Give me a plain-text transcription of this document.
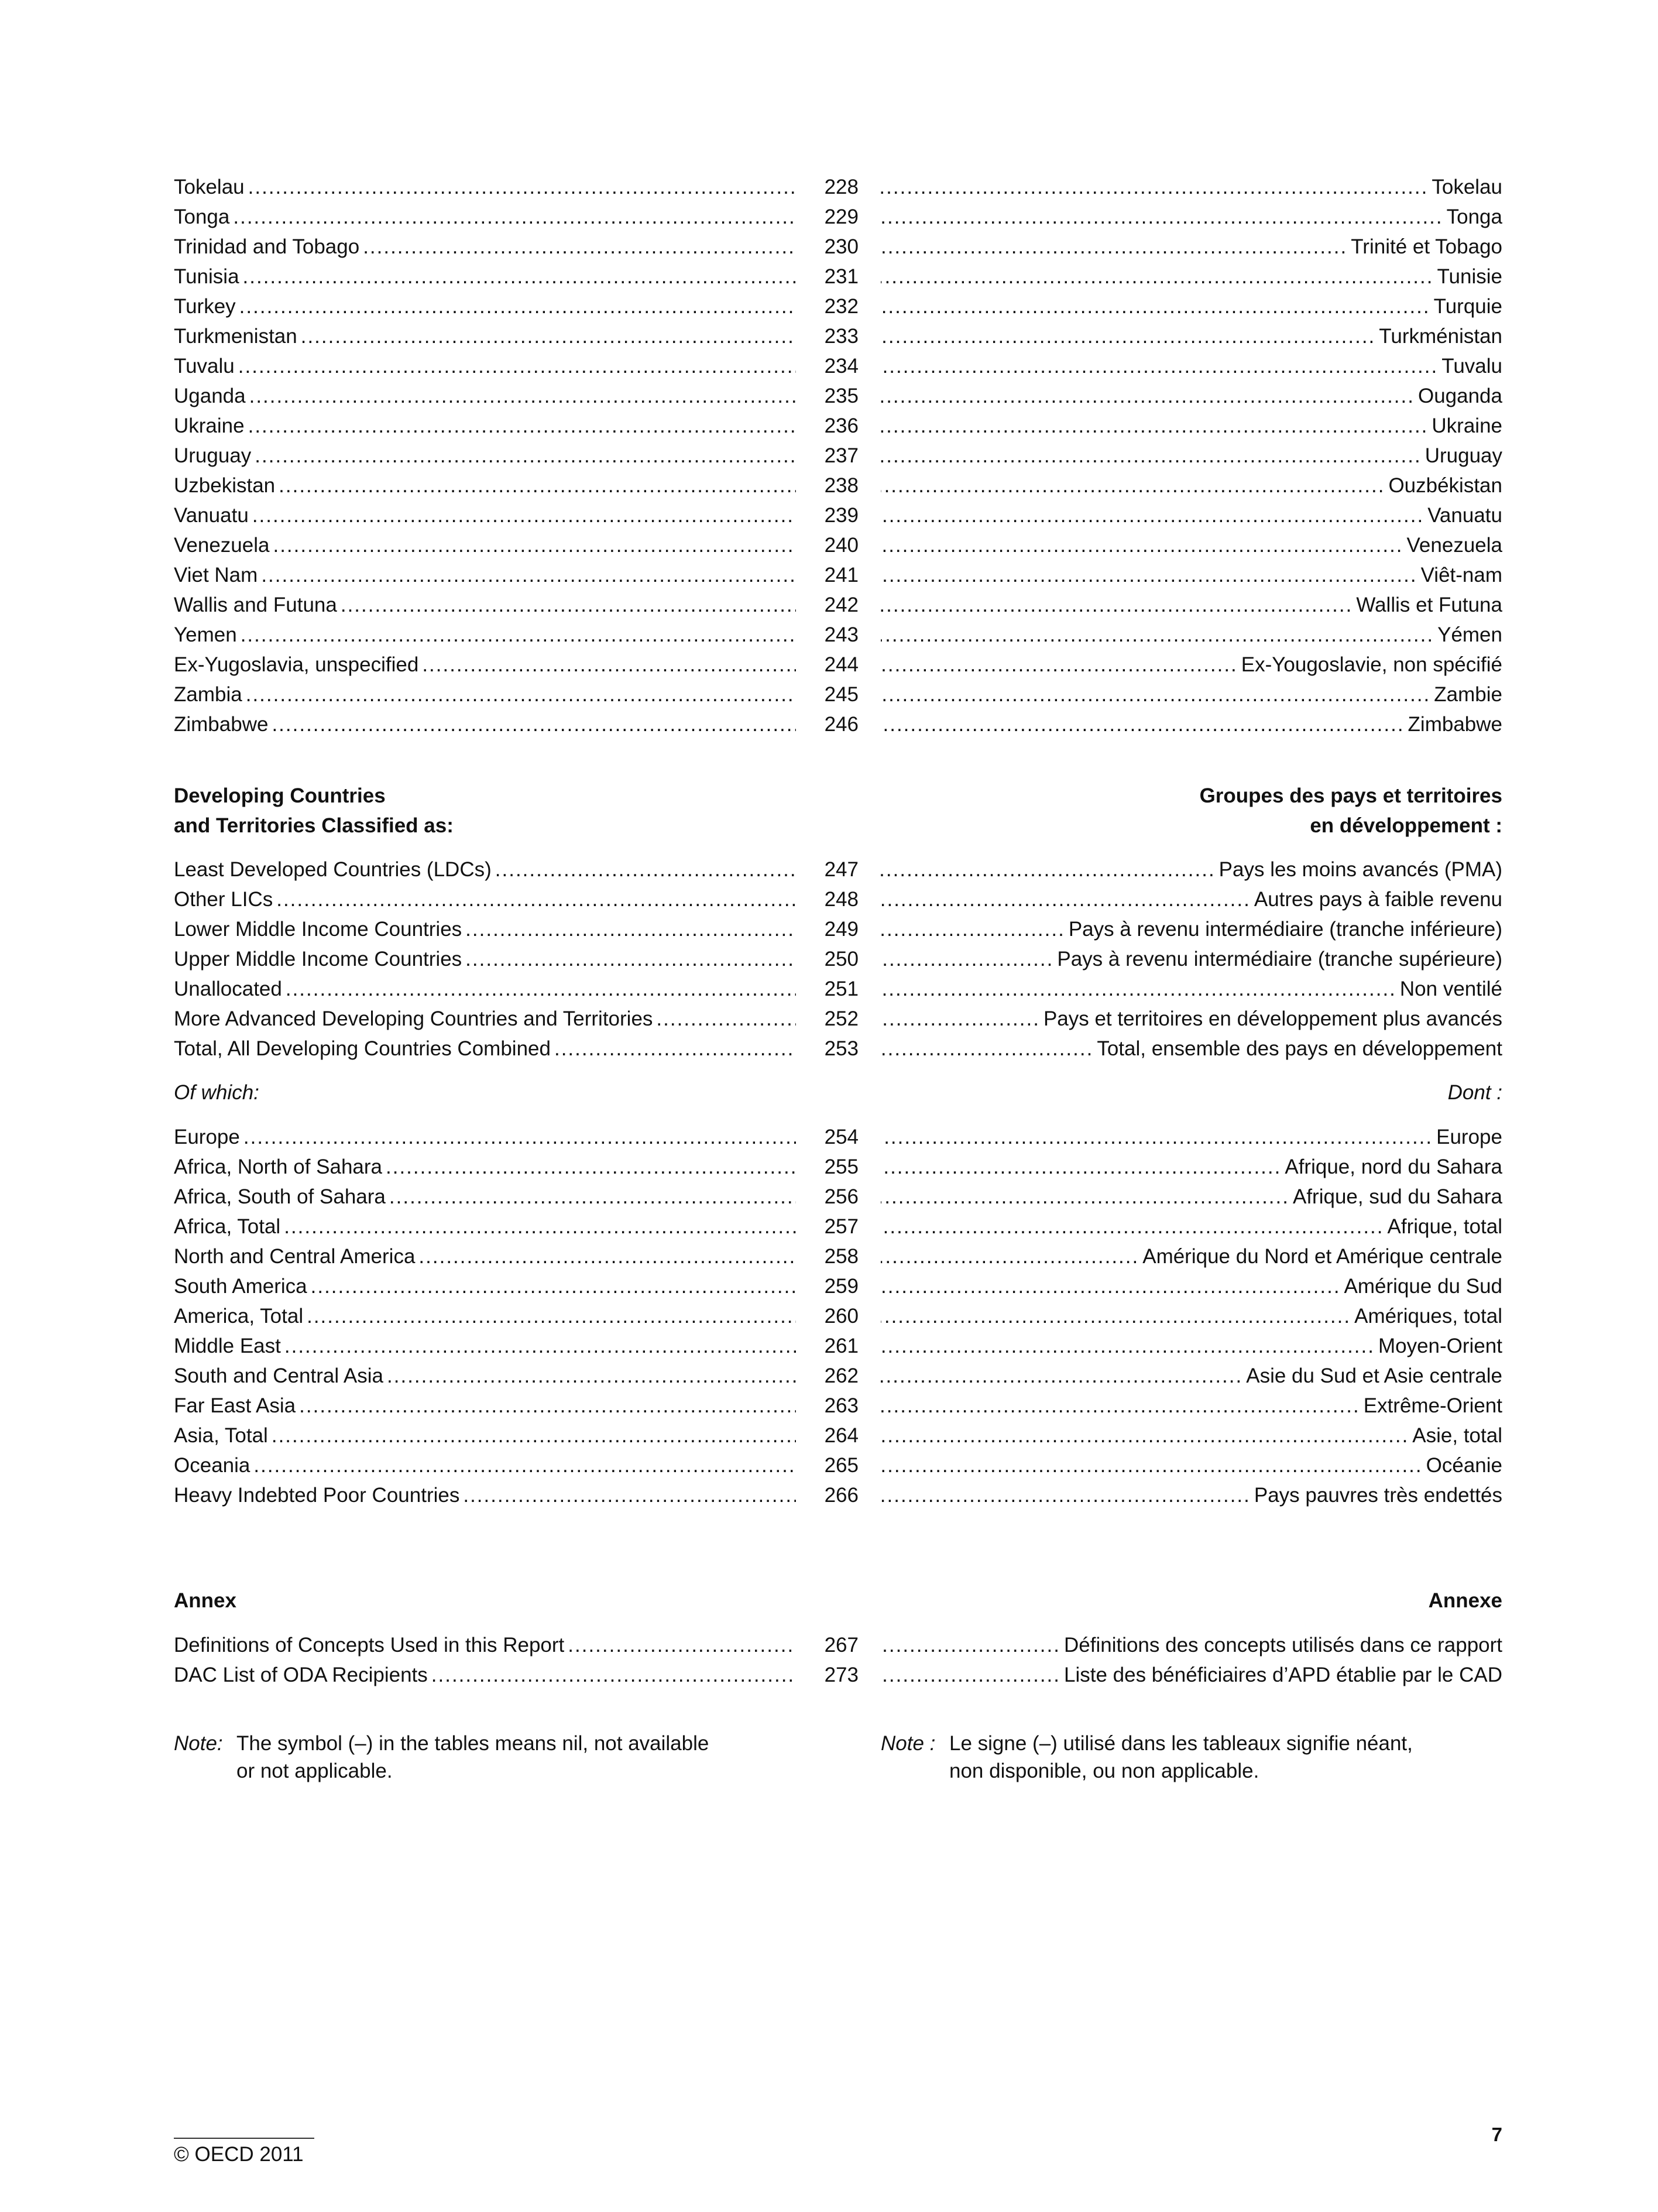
Tokelau .....	228 .....	Tokelau
Tonga .....	229 .....	Tonga
Trinidad and Tobago .....	230 .....	Trinité et Tobago
Tunisia .....	231 .....	Tunisie
Turkey .....	232 .....	Turquie
Turkmenistan .....	233 .....	Turkménistan
Tuvalu .....	234 .....	Tuvalu
Uganda .....	235 .....	Ouganda
Ukraine .....	236 .....	Ukraine
Uruguay .....	237 .....	Uruguay
Uzbekistan .....	238 .....	Ouzbékistan
Vanuatu .....	239 .....	Vanuatu
Venezuela .....	240 .....	Venezuela
Viet Nam .....	241 .....	Viêt-nam
Wallis and Futuna .....	242 .....	Wallis et Futuna
Yemen .....	243 .....	Yémen
Ex-Yugoslavia, unspecified .....	244 .....	Ex-Yougoslavie, non spécifié
Zambia .....	245 .....	Zambie
Zimbabwe .....	246 .....	Zimbabwe
Developing Countries	Groupes des pays et territoires
and Territories Classified as:	en développement :
Least Developed Countries (LDCs) .....	247 .....	Pays les moins avancés (PMA)
Other LICs .....	248 .....	Autres pays à faible revenu
Lower Middle Income Countries .....	249 .....	Pays à revenu intermédiaire (tranche inférieure)
Upper Middle Income Countries .....	250 .....	Pays à revenu intermédiaire (tranche supérieure)
Unallocated .....	251 .....	Non ventilé
More Advanced Developing Countries and Territories .....	252 .....	Pays et territoires en développement plus avancés
Total, All Developing Countries Combined .....	253 .....	Total, ensemble des pays en développement
Of which:	Dont :
Europe .....	254 .....	Europe
Africa, North of Sahara .....	255 .....	Afrique, nord du Sahara
Africa, South of Sahara .....	256 .....	Afrique, sud du Sahara
Africa, Total .....	257 .....	Afrique, total
North and Central America .....	258 .....	Amérique du Nord et Amérique centrale
South America .....	259 .....	Amérique du Sud
America, Total .....	260 .....	Amériques, total
Middle East .....	261 .....	Moyen-Orient
South and Central Asia .....	262 .....	Asie du Sud et Asie centrale
Far East Asia .....	263 .....	Extrême-Orient
Asia, Total .....	264 .....	Asie, total
Oceania .....	265 .....	Océanie
Heavy Indebted Poor Countries .....	266 .....	Pays pauvres très endettés
Annex	Annexe
Definitions of Concepts Used in this Report .....	267 .....	Définitions des concepts utilisés dans ce rapport
DAC List of ODA Recipients .....	273 .....	Liste des bénéficiaires d’APD établie par le CAD
Note: The symbol (–) in the tables means nil, not available
or not applicable.
Note : Le signe (–) utilisé dans les tableaux signifie néant,
non disponible, ou non applicable.
© OECD 2011
7
